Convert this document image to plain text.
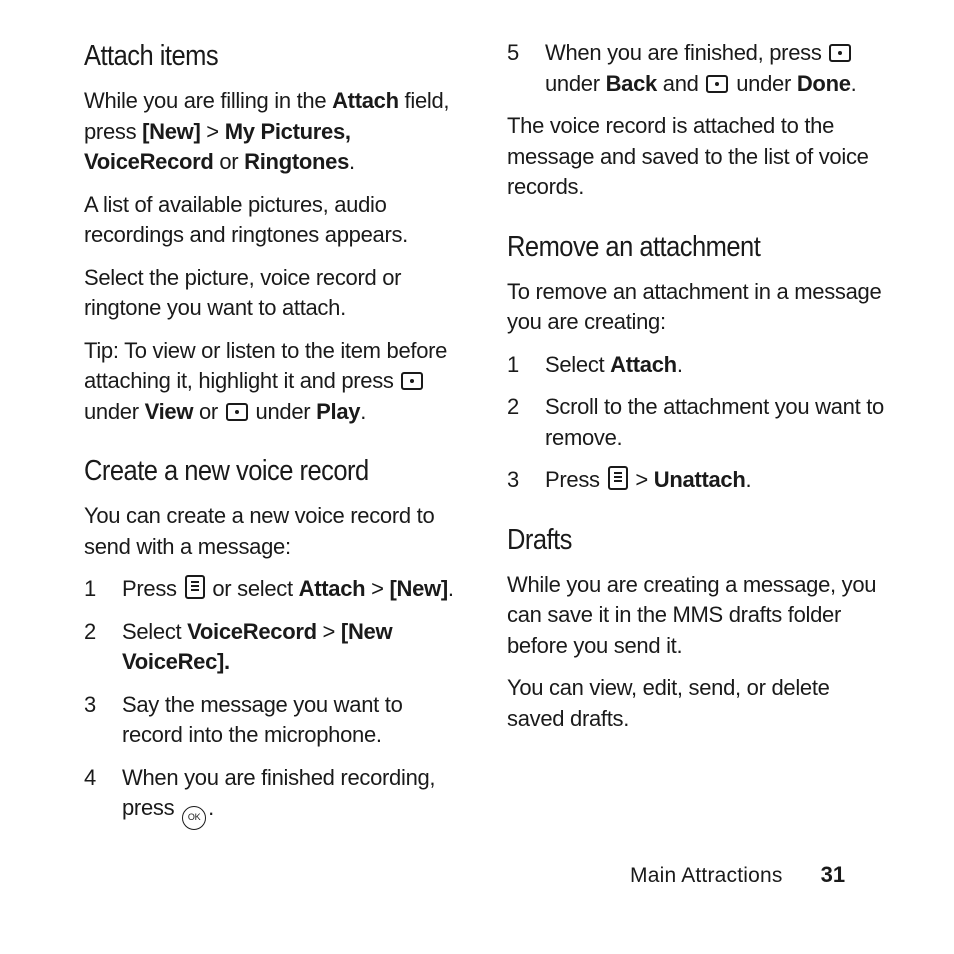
Attach items

While you are filling in the Attach field, press [New] > My Pictures, VoiceRecord or Ringtones.

A list of available pictures, audio recordings and ringtones appears.

Select the picture, voice record or ringtone you want to attach.

Tip: To view or listen to the item before attaching it, highlight it and press  under View or  under Play.

Create a new voice record

You can create a new voice record to send with a message:

1	Press  or select Attach > [New].
2	Select VoiceRecord > [New VoiceRec].
3	Say the message you want to record into the microphone.
4	When you are finished recording, press OK .
5	When you are finished, press  under Back and  under Done.

The voice record is attached to the message and saved to the list of voice records.

Remove an attachment

To remove an attachment in a message you are creating:

1	Select Attach.
2	Scroll to the attachment you want to remove.
3	Press  > Unattach.
Drafts

While you are creating a message, you can save it in the MMS drafts folder before you send it.

You can view, edit, send, or delete saved drafts.

Main Attractions 31
